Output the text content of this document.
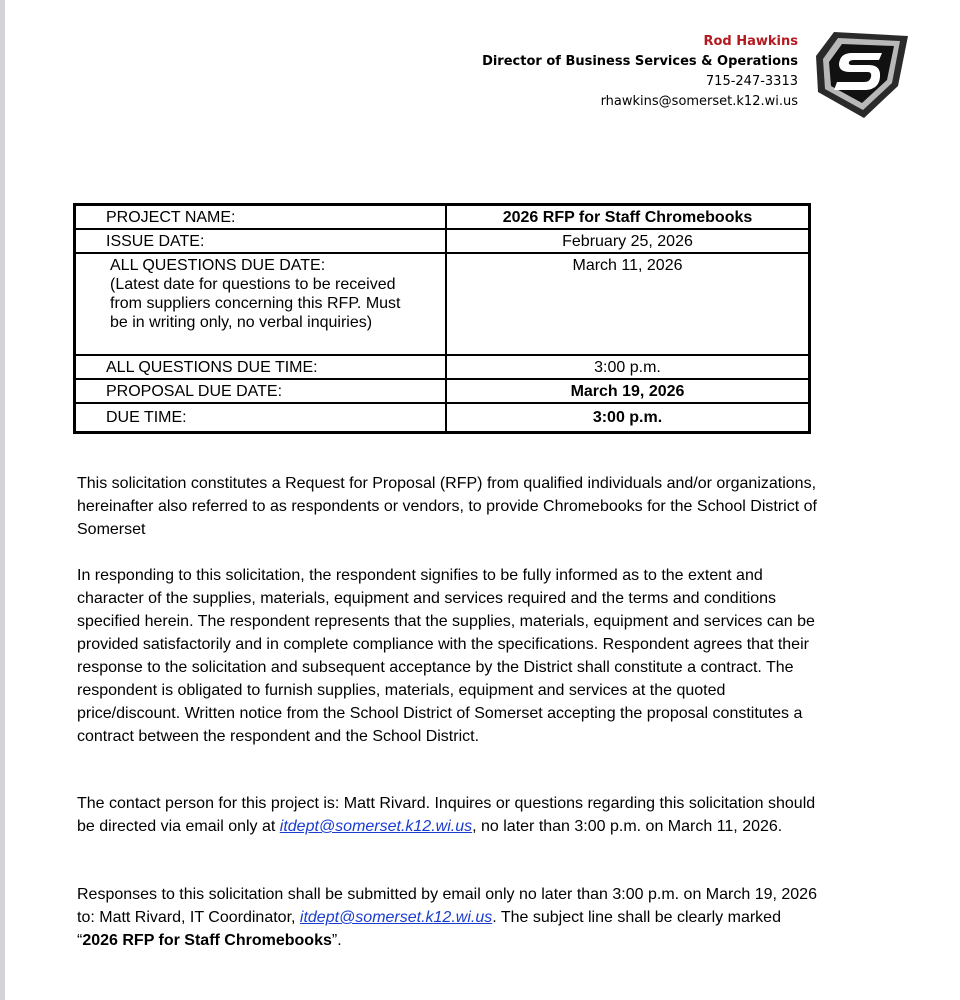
Rod Hawkins
Director of Business Services & Operations
715-247-3313
rhawkins@somerset.k12.wi.us
PROJECT NAME:	2026 RFP for Staff Chromebooks
ISSUE DATE:	February 25, 2026

ALL QUESTIONS DUE DATE:
(Latest date for questions to be received from suppliers concerning this RFP. Must be in writing only, no verbal inquiries)	March 11, 2026
ALL QUESTIONS DUE TIME:	3:00 p.m.
PROPOSAL DUE DATE:	March 19, 2026
DUE TIME:	3:00 p.m.

This solicitation constitutes a Request for Proposal (RFP) from qualified individuals and/or organizations, hereinafter also referred to as respondents or vendors, to provide Chromebooks for the School District of Somerset

In responding to this solicitation, the respondent signifies to be fully informed as to the extent and character of the supplies, materials, equipment and services required and the terms and conditions specified herein. The respondent represents that the supplies, materials, equipment and services can be provided satisfactorily and in complete compliance with the specifications. Respondent agrees that their response to the solicitation and subsequent acceptance by the District shall constitute a contract. The respondent is obligated to furnish supplies, materials, equipment and services at the quoted price/discount. Written notice from the School District of Somerset accepting the proposal constitutes a contract between the respondent and the School District.

The contact person for this project is: Matt Rivard. Inquires or questions regarding this solicitation should be directed via email only at itdept@somerset.k12.wi.us, no later than 3:00 p.m. on March 11, 2026.

Responses to this solicitation shall be submitted by email only no later than 3:00 p.m. on March 19, 2026 to: Matt Rivard, IT Coordinator, itdept@somerset.k12.wi.us. The subject line shall be clearly marked “2026 RFP for Staff Chromebooks”.
